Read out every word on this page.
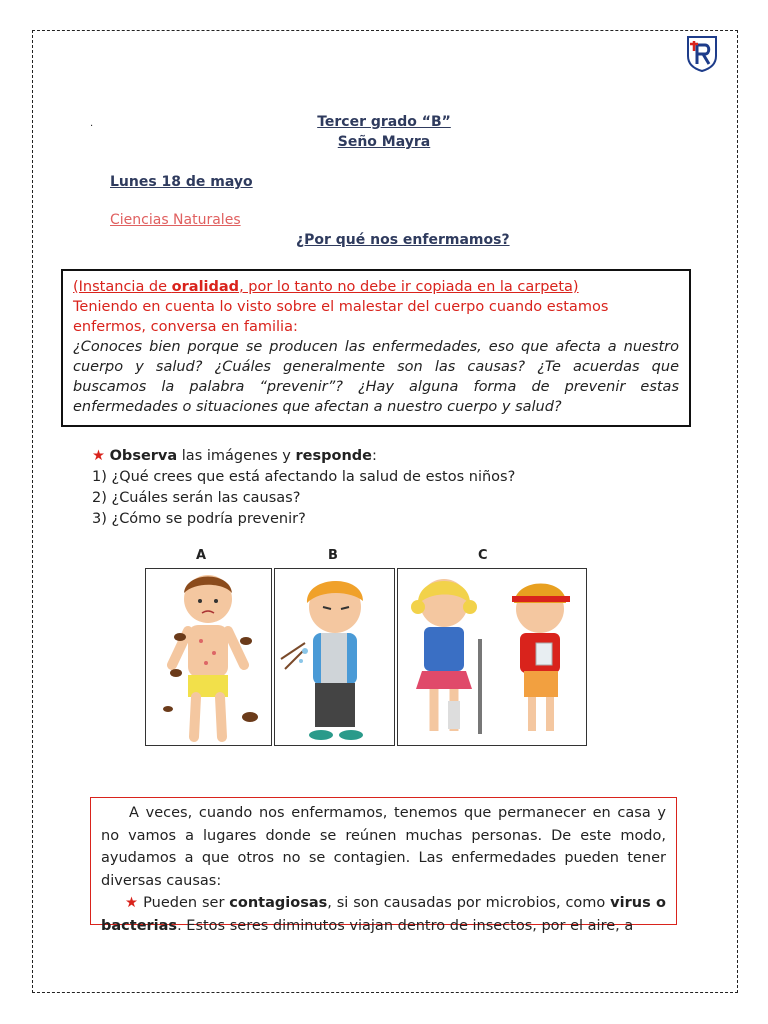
.	Tercer grado “B”
Seño Mayra
Lunes 18 de mayo
Ciencias Naturales
¿Por qué nos enfermamos?
(Instancia de oralidad, por lo tanto no debe ir copiada en la carpeta)
Teniendo en cuenta lo visto sobre el malestar del cuerpo cuando estamos enfermos, conversa en familia:
¿Conoces bien porque se producen las enfermedades, eso que afecta a nuestro cuerpo y salud? ¿Cuáles generalmente son las causas? ¿Te acuerdas que buscamos la palabra “prevenir”? ¿Hay alguna forma de prevenir estas enfermedades o situaciones que afectan a nuestro cuerpo y salud?
★ Observa las imágenes y responde:
1) ¿Qué crees que está afectando la salud de estos niños?
2) ¿Cuáles serán las causas?
3) ¿Cómo se podría prevenir?
A	B	C
A veces, cuando nos enfermamos, tenemos que permanecer en casa y no vamos a lugares donde se reúnen muchas personas. De este modo, ayudamos a que otros no se contagien. Las enfermedades pueden tener diversas causas:
★ Pueden ser contagiosas, si son causadas por microbios, como virus o bacterias. Estos seres diminutos viajan dentro de insectos, por el aire, a
